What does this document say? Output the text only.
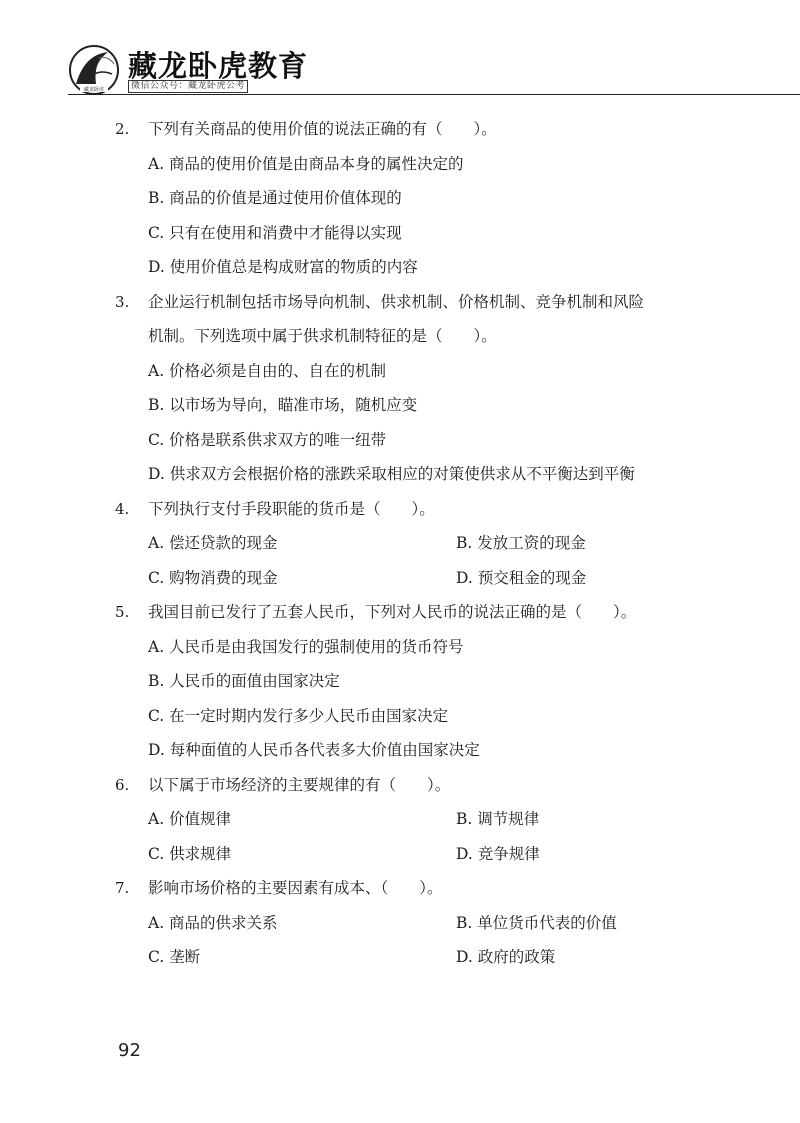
藏龙卧虎
藏龙卧虎教育
微信公众号：藏龙卧虎公考
2. 下列有关商品的使用价值的说法正确的有（　　）。
A. 商品的使用价值是由商品本身的属性决定的
B. 商品的价值是通过使用价值体现的
C. 只有在使用和消费中才能得以实现
D. 使用价值总是构成财富的物质的内容
3. 企业运行机制包括市场导向机制、供求机制、价格机制、竞争机制和风险
机制。下列选项中属于供求机制特征的是（　　）。
A. 价格必须是自由的、自在的机制
B. 以市场为导向，瞄准市场，随机应变
C. 价格是联系供求双方的唯一纽带
D. 供求双方会根据价格的涨跌采取相应的对策使供求从不平衡达到平衡
4. 下列执行支付手段职能的货币是（　　）。
A. 偿还贷款的现金	B. 发放工资的现金
C. 购物消费的现金	D. 预交租金的现金
5. 我国目前已发行了五套人民币，下列对人民币的说法正确的是（　　）。
A. 人民币是由我国发行的强制使用的货币符号
B. 人民币的面值由国家决定
C. 在一定时期内发行多少人民币由国家决定
D. 每种面值的人民币各代表多大价值由国家决定
6. 以下属于市场经济的主要规律的有（　　）。
A. 价值规律	B. 调节规律
C. 供求规律	D. 竞争规律
7. 影响市场价格的主要因素有成本、（　　）。
A. 商品的供求关系	B. 单位货币代表的价值
C. 垄断	D. 政府的政策
92
